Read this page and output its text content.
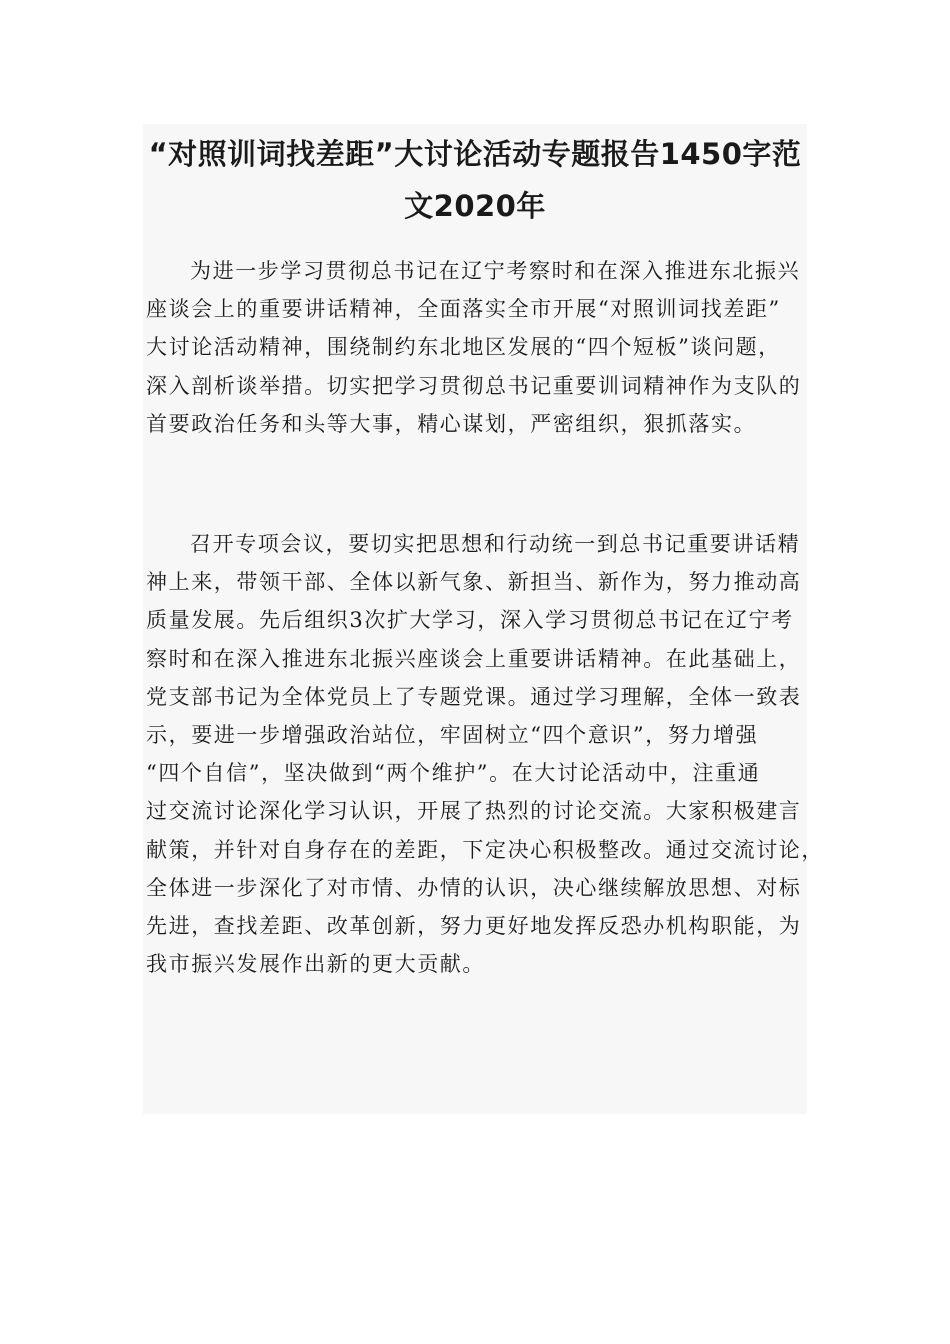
“对照训词找差距”大讨论活动专题报告1450字范
文2020年

为进一步学习贯彻总书记在辽宁考察时和在深入推进东北振兴
座谈会上的重要讲话精神，全面落实全市开展“对照训词找差距”
大讨论活动精神，围绕制约东北地区发展的“四个短板”谈问题，
深入剖析谈举措。切实把学习贯彻总书记重要训词精神作为支队的
首要政治任务和头等大事，精心谋划，严密组织，狠抓落实。

召开专项会议，要切实把思想和行动统一到总书记重要讲话精
神上来，带领干部、全体以新气象、新担当、新作为，努力推动高
质量发展。先后组织3次扩大学习，深入学习贯彻总书记在辽宁考
察时和在深入推进东北振兴座谈会上重要讲话精神。在此基础上，
党支部书记为全体党员上了专题党课。通过学习理解，全体一致表
示，要进一步增强政治站位，牢固树立“四个意识”，努力增强
“四个自信”，坚决做到“两个维护”。在大讨论活动中，注重通
过交流讨论深化学习认识，开展了热烈的讨论交流。大家积极建言
献策，并针对自身存在的差距，下定决心积极整改。通过交流讨论，
全体进一步深化了对市情、办情的认识，决心继续解放思想、对标
先进，查找差距、改革创新，努力更好地发挥反恐办机构职能，为
我市振兴发展作出新的更大贡献。
